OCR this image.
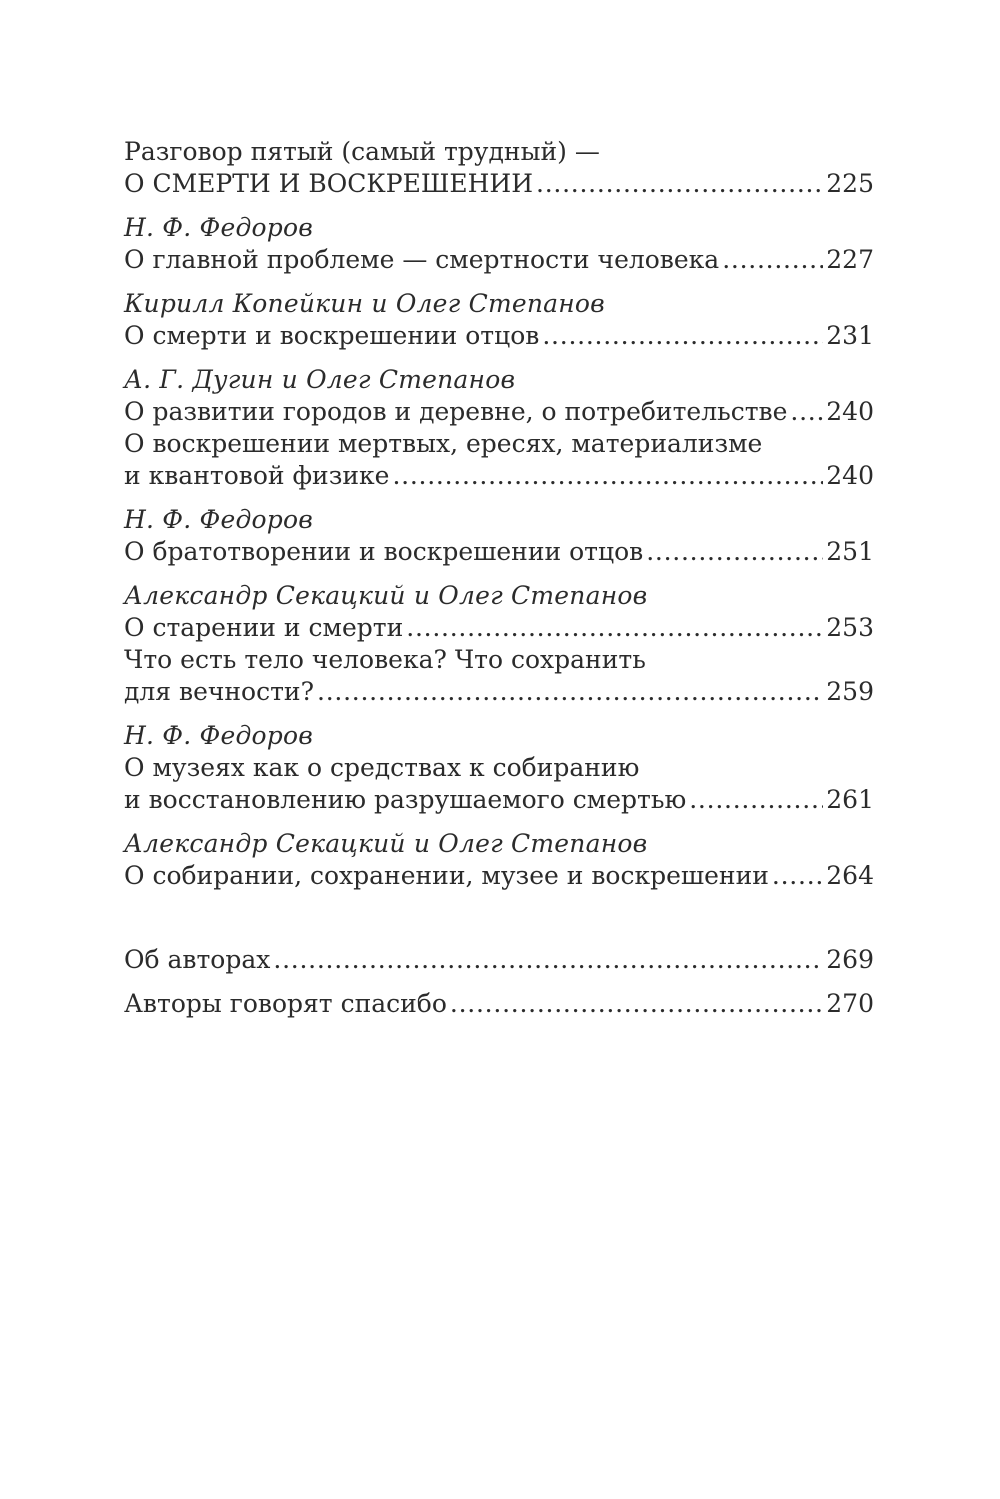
Разговор пятый (самый трудный) —
О СМЕРТИ И ВОСКРЕШЕНИИ . . .	225
Н. Ф. Федоров
О главной проблеме — смертности человека . . .	227
Кирилл Копейкин и Олег Степанов
О смерти и воскрешении отцов . . .	231
А. Г. Дугин и Олег Степанов
О развитии городов и деревне, о потребительстве . . . 240
О воскрешении мертвых, ересях, материализме
и квантовой физике . . .	240
Н. Ф. Федоров
О братотворении и воскрешении отцов . . .	251
Александр Секацкий и Олег Степанов
О старении и смерти . . .	253
Что есть тело человека? Что сохранить
для вечности? . . .	259
Н. Ф. Федоров
О музеях как о средствах к собиранию
и восстановлению разрушаемого смертью . . .	261
Александр Секацкий и Олег Степанов
О собирании, сохранении, музее и воскрешении . . . 264
Об авторах . . .	269
Авторы говорят спасибо . . .	270
